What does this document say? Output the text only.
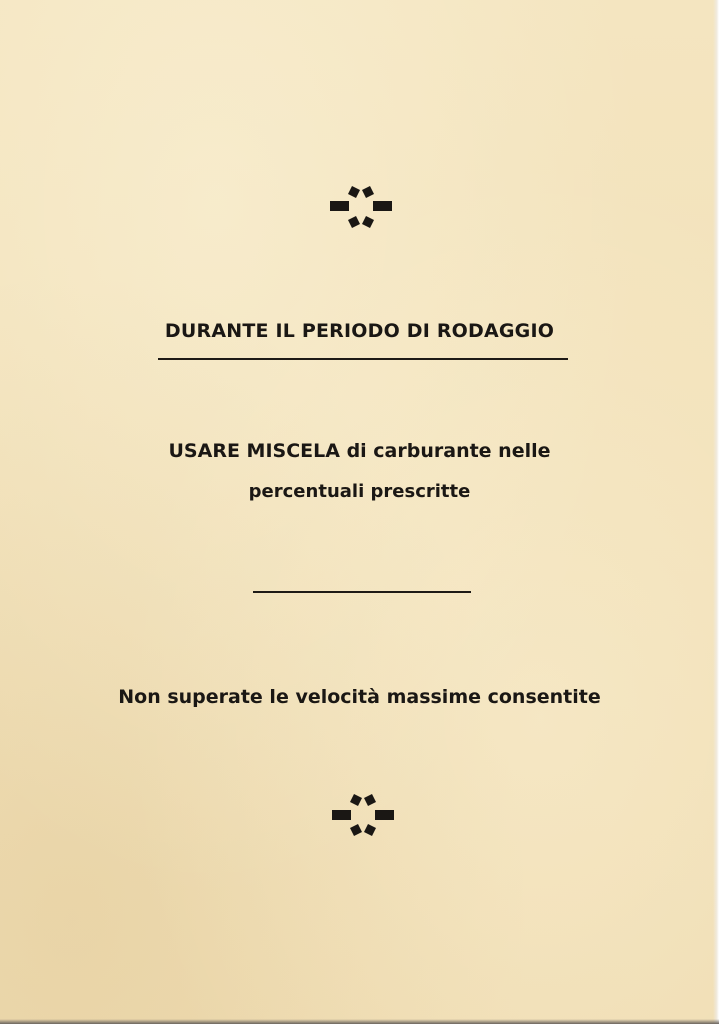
DURANTE IL PERIODO DI RODAGGIO
USARE MISCELA di carburante nelle
percentuali prescritte
Non superate le velocità massime consentite
